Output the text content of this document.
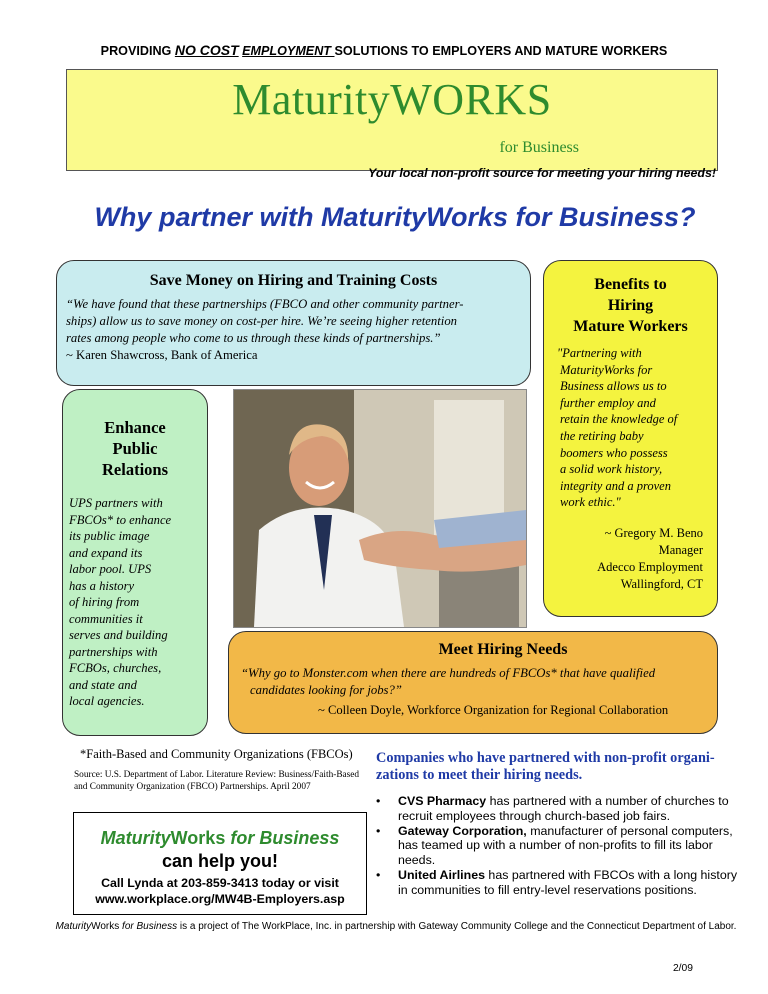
PROVIDING NO COST EMPLOYMENT SOLUTIONS TO EMPLOYERS AND MATURE WORKERS
MaturityWORKS
for Business
Your local non-profit source for meeting your hiring needs!
Why partner with MaturityWorks for Business?
Save Money on Hiring and Training Costs
“We have found that these partnerships (FBCO and other community partner-
ships) allow us to save money on cost-per hire. We’re seeing higher retention
rates among people who come to us through these kinds of partnerships.”
~ Karen Shawcross, Bank of America
Benefits to
Hiring
Mature Workers
"Partnering with
MaturityWorks for
Business allows us to
further employ and
retain the knowledge of
the retiring baby
boomers who possess
a solid work history,
integrity and a proven
work ethic."
~ Gregory M. Beno
Manager
Adecco Employment
Wallingford, CT
Enhance
Public
Relations
UPS partners with
FBCOs* to enhance
its public image
and expand its
labor pool. UPS
has a history
of hiring from
communities it
serves and building
partnerships with
FCBOs, churches,
and state and
local agencies.
Meet Hiring Needs
“Why go to Monster.com when there are hundreds of FBCOs* that have qualified
candidates looking for jobs?”
~ Colleen Doyle, Workforce Organization for Regional Collaboration
*Faith-Based and Community Organizations (FBCOs)
Source: U.S. Department of Labor. Literature Review: Business/Faith-Based
and Community Organization (FBCO) Partnerships. April 2007
MaturityWorks for Business
can help you!
Call Lynda at 203-859-3413 today or visit
www.workplace.org/MW4B-Employers.asp
Companies who have partnered with non-profit organi-
zations to meet their hiring needs.
• CVS Pharmacy has partnered with a number of churches to recruit employees through church-based job fairs.
• Gateway Corporation, manufacturer of personal computers, has teamed up with a number of non-profits to fill its labor needs.
• United Airlines has partnered with FBCOs with a long history in communities to fill entry-level reservations positions.
MaturityWorks for Business is a project of The WorkPlace, Inc. in partnership with Gateway Community College and the Connecticut Department of Labor.
2/09
